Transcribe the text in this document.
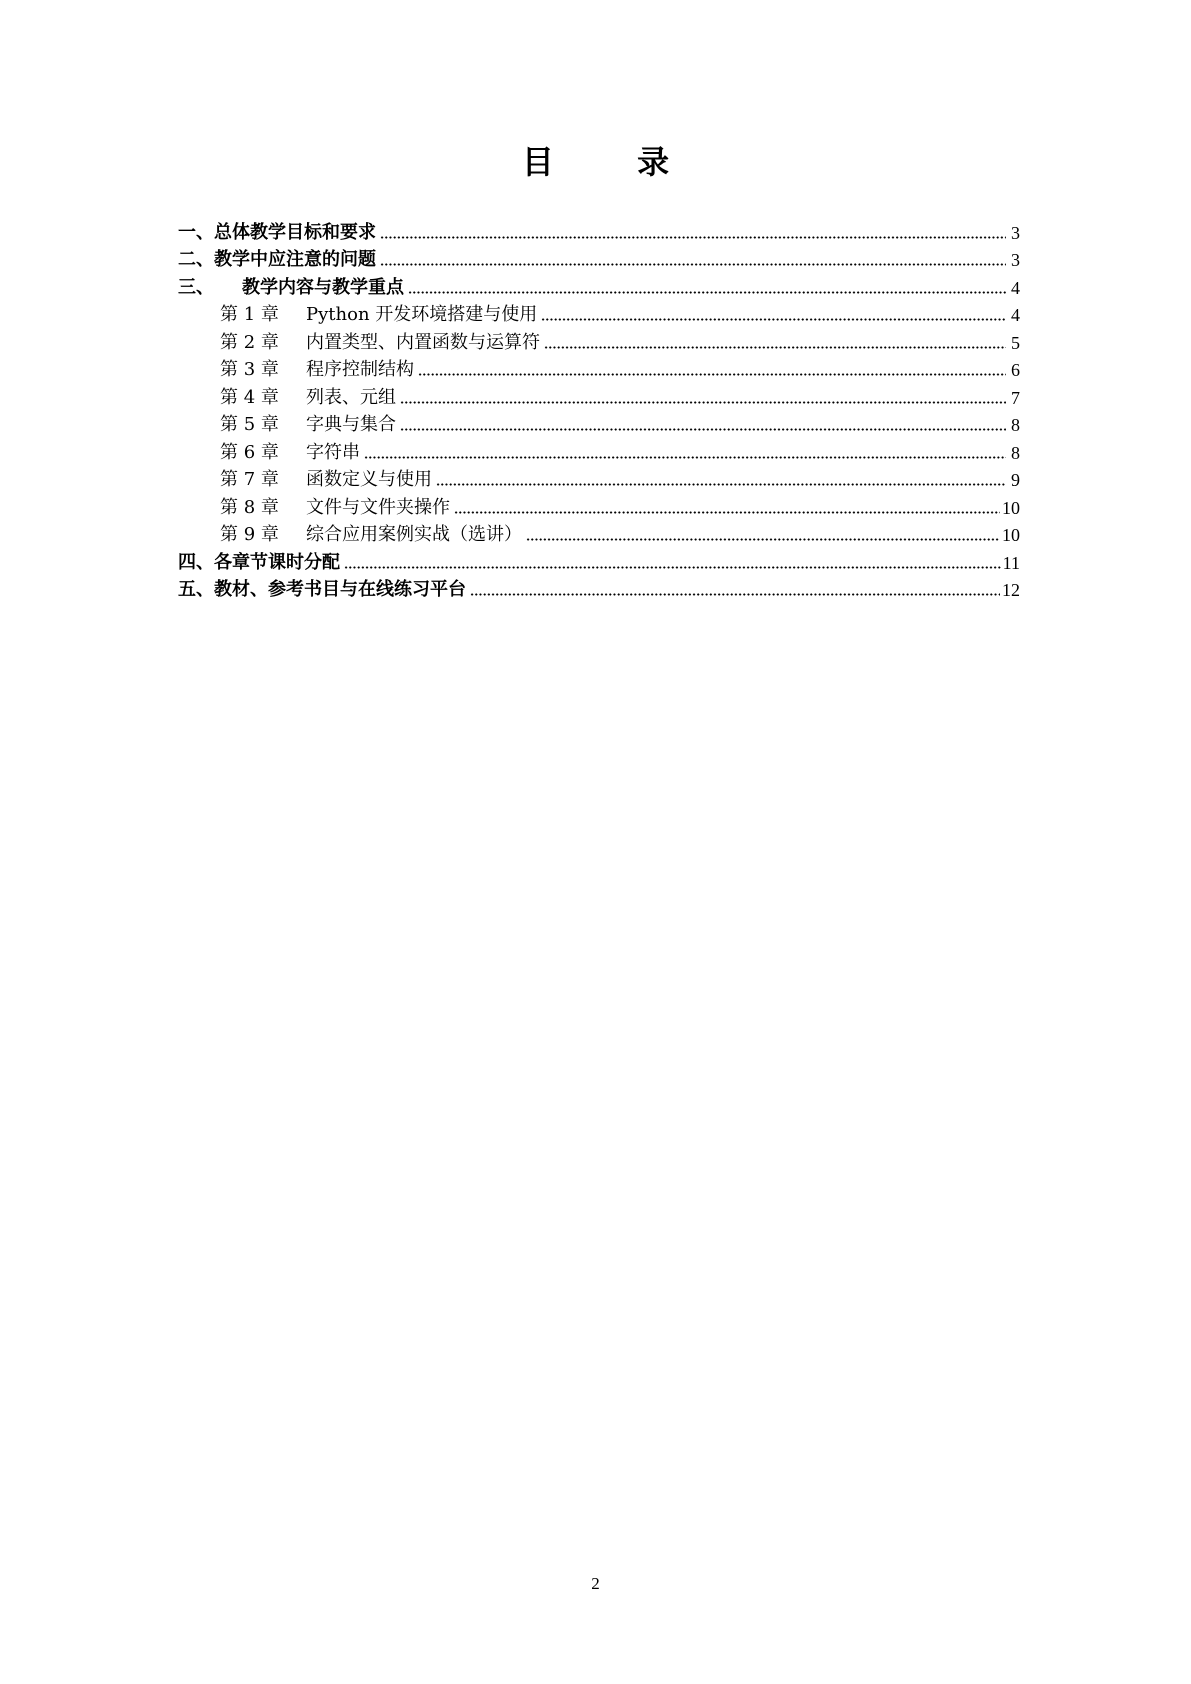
目 录
一、总体教学目标和要求	3
二、教学中应注意的问题	3
三、 教学内容与教学重点	4
第 1 章 Python 开发环境搭建与使用	4
第 2 章 内置类型、内置函数与运算符	5
第 3 章 程序控制结构	6
第 4 章 列表、元组	7
第 5 章 字典与集合	8
第 6 章 字符串	8
第 7 章 函数定义与使用	9
第 8 章 文件与文件夹操作	10
第 9 章 综合应用案例实战（选讲）	10
四、各章节课时分配	11
五、教材、参考书目与在线练习平台	12
2
